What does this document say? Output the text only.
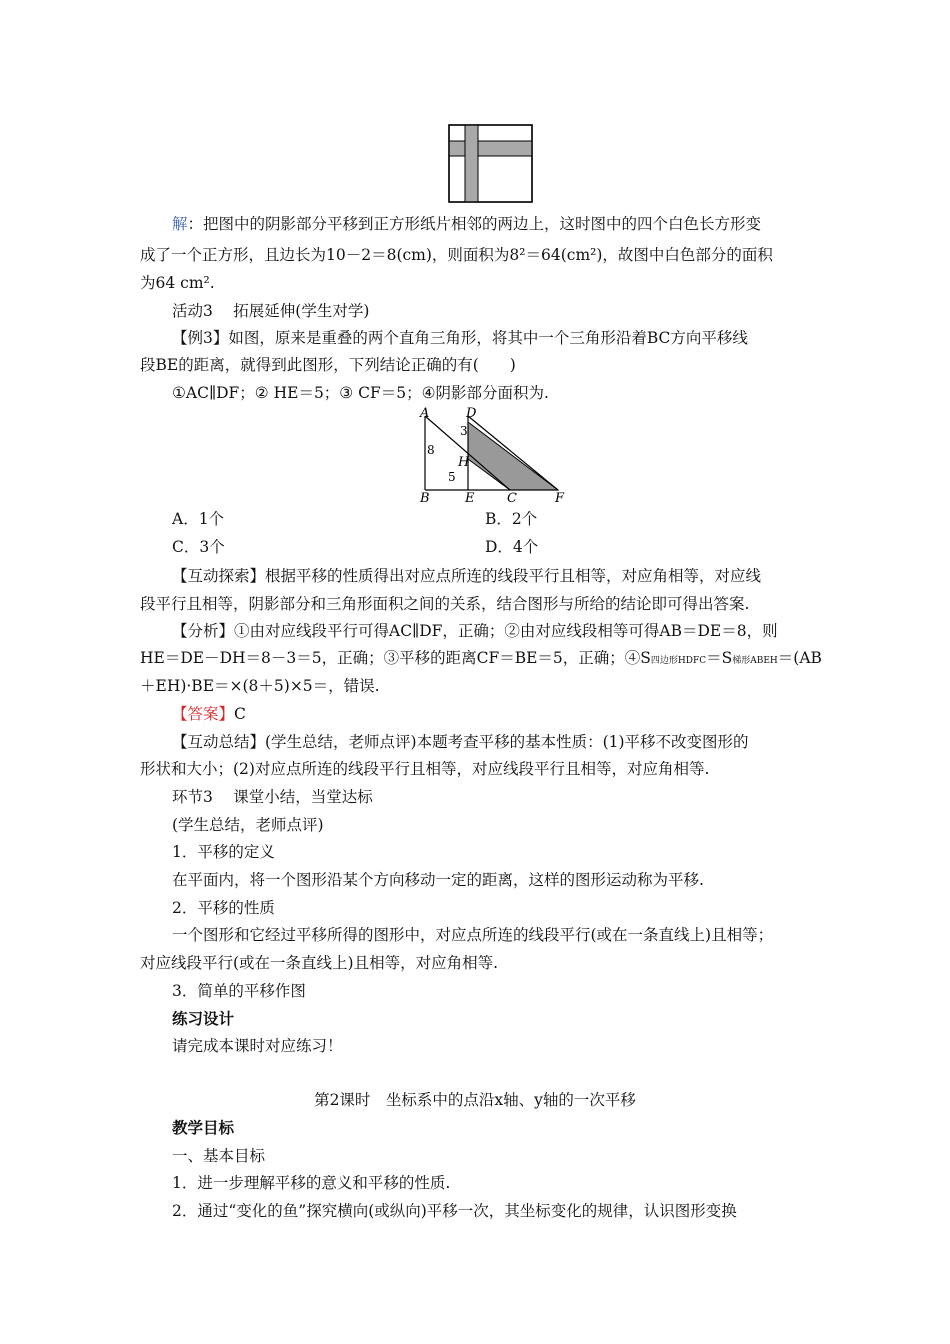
解：把图中的阴影部分平移到正方形纸片相邻的两边上，这时图中的四个白色长方形变
成了一个正方形，且边长为10－2＝8(cm)，则面积为8²＝64(cm²)，故图中白色部分的面积
为64 cm².
活动3　 拓展延伸(学生对学)
【例3】如图，原来是重叠的两个直角三角形，将其中一个三角形沿着BC方向平移线
段BE的距离，就得到此图形，下列结论正确的有(　　)
①AC∥DF；② HE＝5；③ CF＝5；④阴影部分面积为.
A	D
3
8
H
5
B	E	C	F
A．1个	B．2个
C．3个	D．4个
【互动探索】根据平移的性质得出对应点所连的线段平行且相等，对应角相等，对应线
段平行且相等，阴影部分和三角形面积之间的关系，结合图形与所给的结论即可得出答案.
【分析】①由对应线段平行可得AC∥DF，正确；②由对应线段相等可得AB＝DE＝8，则
HE＝DE－DH＝8－3＝5，正确；③平移的距离CF＝BE＝5，正确；④S四边形HDFC＝S梯形ABEH＝(AB
＋EH)·BE＝×(8＋5)×5＝，错误.
【答案】C
【互动总结】(学生总结，老师点评)本题考查平移的基本性质：(1)平移不改变图形的
形状和大小；(2)对应点所连的线段平行且相等，对应线段平行且相等，对应角相等.
环节3　 课堂小结，当堂达标
(学生总结，老师点评)
1．平移的定义
在平面内，将一个图形沿某个方向移动一定的距离，这样的图形运动称为平移.
2．平移的性质
一个图形和它经过平移所得的图形中，对应点所连的线段平行(或在一条直线上)且相等；
对应线段平行(或在一条直线上)且相等，对应角相等.
3．简单的平移作图
练习设计
请完成本课时对应练习！
第2课时　坐标系中的点沿x轴、y轴的一次平移
教学目标
一、基本目标
1．进一步理解平移的意义和平移的性质.
2．通过“变化的鱼”探究横向(或纵向)平移一次，其坐标变化的规律，认识图形变换
